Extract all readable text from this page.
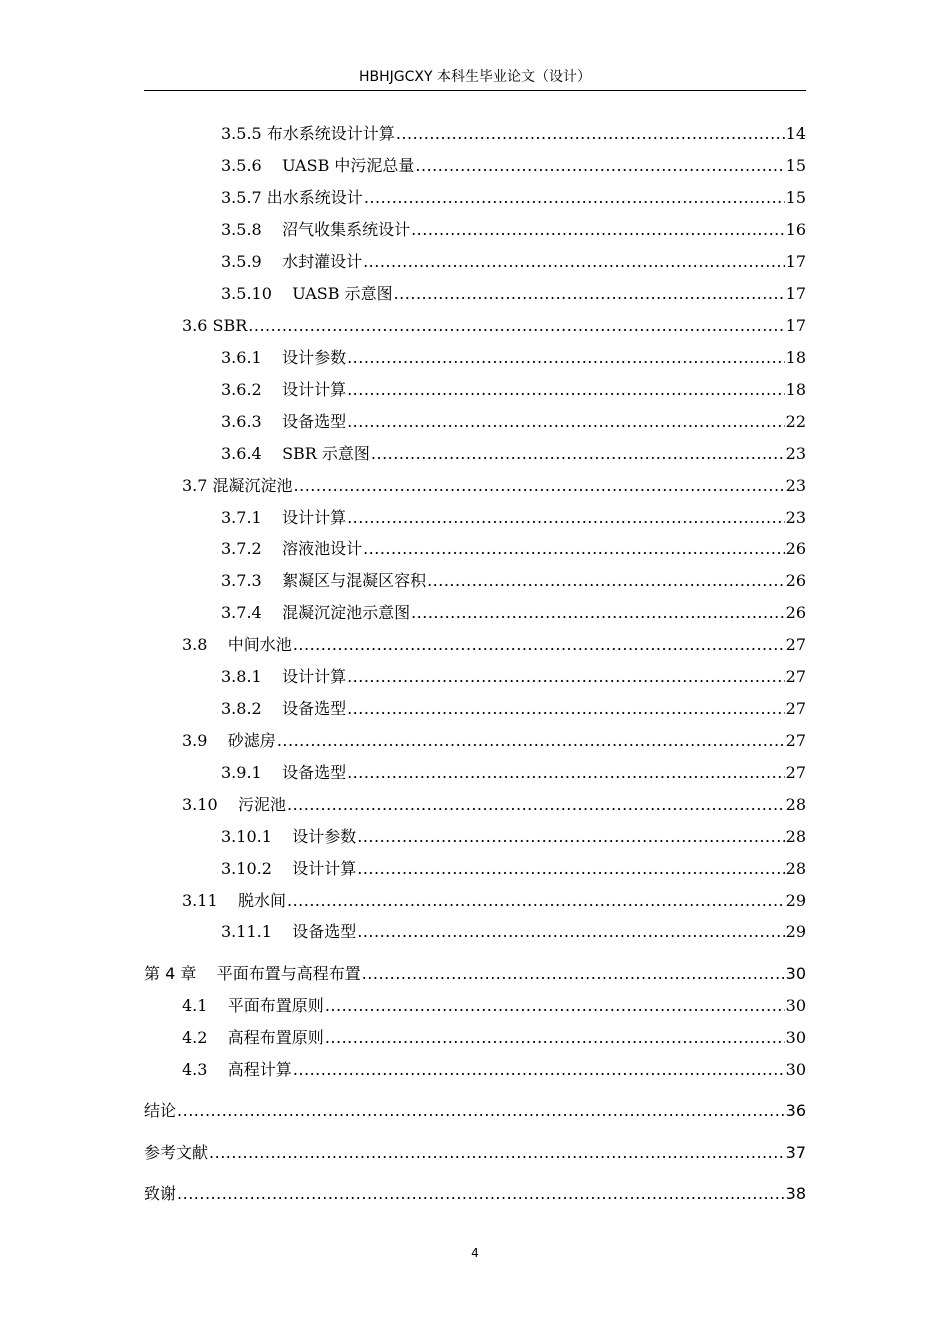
HBHJGCXY 本科生毕业论文（设计）
3.5.5 布水系统设计计算 .....	14
3.5.6 UASB 中污泥总量 .....	15
3.5.7 出水系统设计 .....	15
3.5.8 沼气收集系统设计 .....	16
3.5.9 水封灌设计 .....	17
3.5.10 UASB 示意图 .....	17
3.6 SBR .....	17
3.6.1 设计参数 .....	18
3.6.2 设计计算 .....	18
3.6.3 设备选型 .....	22
3.6.4 SBR 示意图 .....	23
3.7 混凝沉淀池 .....	23
3.7.1 设计计算 .....	23
3.7.2 溶液池设计 .....	26
3.7.3 絮凝区与混凝区容积 .....	26
3.7.4 混凝沉淀池示意图 .....	26
3.8 中间水池 .....	27
3.8.1 设计计算 .....	27
3.8.2 设备选型 .....	27
3.9 砂滤房 .....	27
3.9.1 设备选型 .....	27
3.10 污泥池 .....	28
3.10.1 设计参数 .....	28
3.10.2 设计计算 .....	28
3.11 脱水间 .....	29
3.11.1 设备选型 .....	29
第 4 章 平面布置与高程布置 .....	30
4.1 平面布置原则 .....	30
4.2 高程布置原则 .....	30
4.3 高程计算 .....	30
结论 .....	36
参考文献 .....	37
致谢 .....	38
4
